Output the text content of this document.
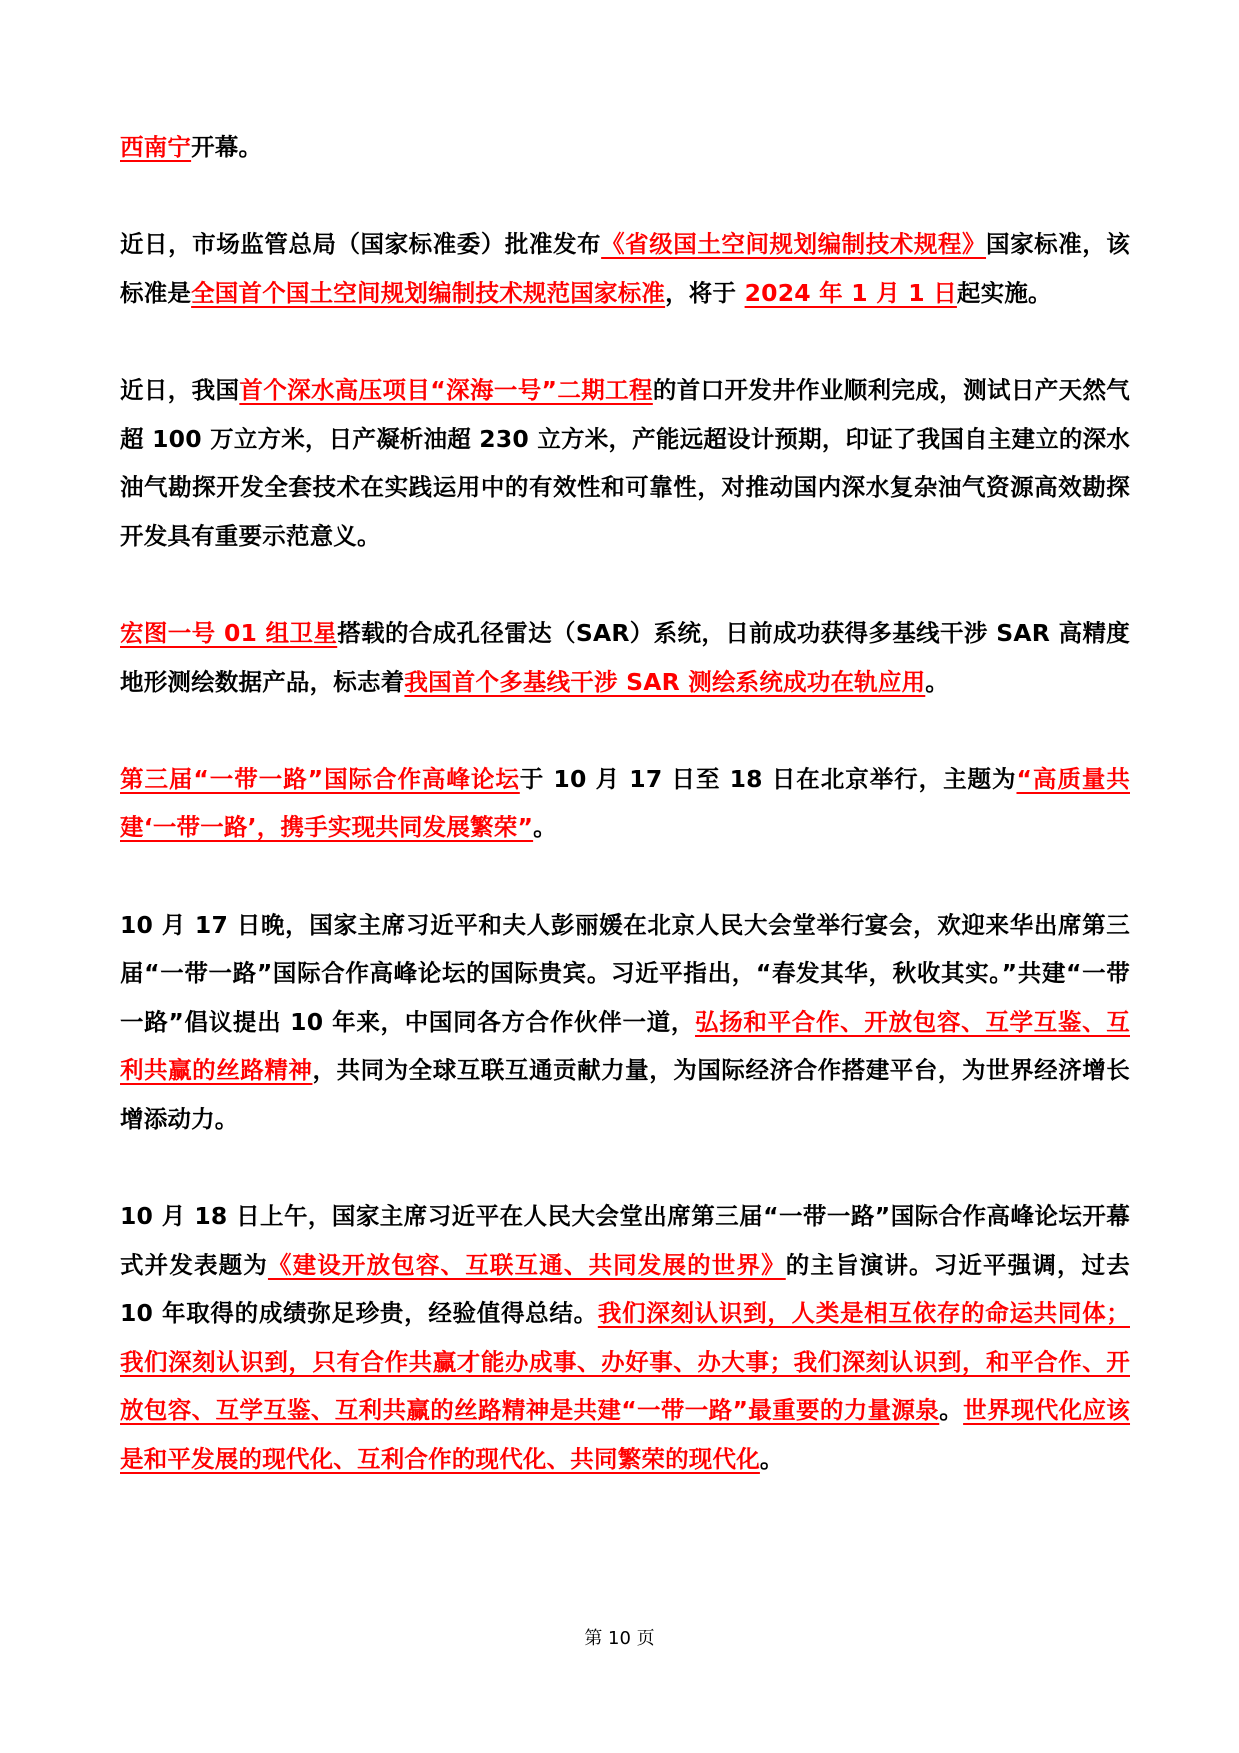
西南宁开幕。

近日，市场监管总局（国家标准委）批准发布《省级国土空间规划编制技术规程》国家标准，该标准是全国首个国土空间规划编制技术规范国家标准，将于 2024 年 1 月 1 日起实施。

近日，我国首个深水高压项目“深海一号”二期工程的首口开发井作业顺利完成，测试日产天然气超 100 万立方米，日产凝析油超 230 立方米，产能远超设计预期，印证了我国自主建立的深水油气勘探开发全套技术在实践运用中的有效性和可靠性，对推动国内深水复杂油气资源高效勘探开发具有重要示范意义。

宏图一号 01 组卫星搭载的合成孔径雷达（SAR）系统，日前成功获得多基线干涉 SAR 高精度地形测绘数据产品，标志着我国首个多基线干涉 SAR 测绘系统成功在轨应用。

第三届“一带一路”国际合作高峰论坛于 10 月 17 日至 18 日在北京举行，主题为“高质量共建‘一带一路’，携手实现共同发展繁荣”。

10 月 17 日晚，国家主席习近平和夫人彭丽媛在北京人民大会堂举行宴会，欢迎来华出席第三届“一带一路”国际合作高峰论坛的国际贵宾。习近平指出，“春发其华，秋收其实。”共建“一带一路”倡议提出 10 年来，中国同各方合作伙伴一道，弘扬和平合作、开放包容、互学互鉴、互利共赢的丝路精神，共同为全球互联互通贡献力量，为国际经济合作搭建平台，为世界经济增长增添动力。

10 月 18 日上午，国家主席习近平在人民大会堂出席第三届“一带一路”国际合作高峰论坛开幕式并发表题为《建设开放包容、互联互通、共同发展的世界》的主旨演讲。习近平强调，过去 10 年取得的成绩弥足珍贵，经验值得总结。我们深刻认识到，人类是相互依存的命运共同体；我们深刻认识到，只有合作共赢才能办成事、办好事、办大事；我们深刻认识到，和平合作、开放包容、互学互鉴、互利共赢的丝路精神是共建“一带一路”最重要的力量源泉。世界现代化应该是和平发展的现代化、互利合作的现代化、共同繁荣的现代化。

第 10 页
